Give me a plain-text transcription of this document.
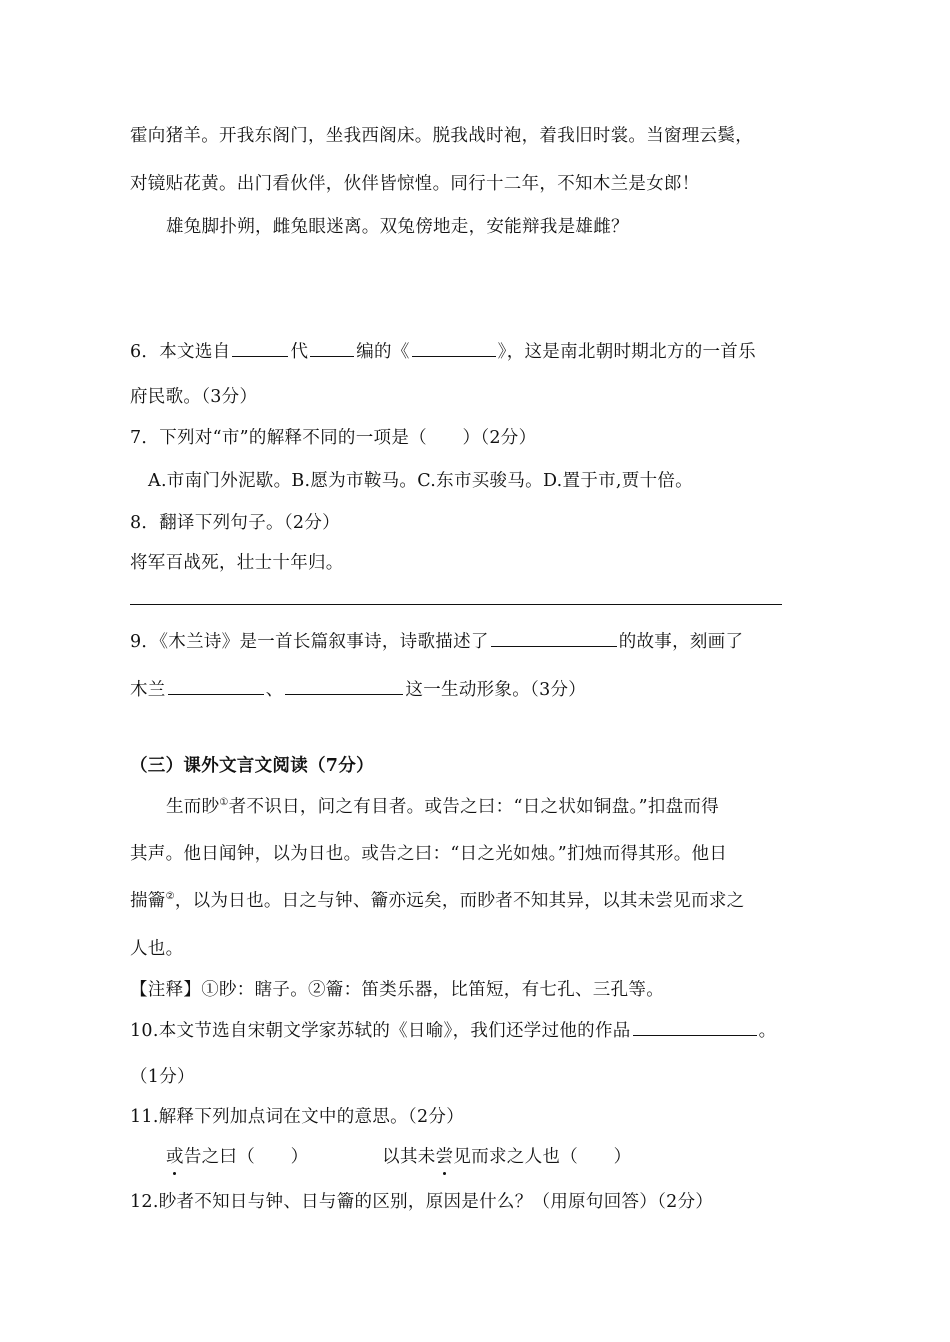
霍向猪羊。开我东阁门，坐我西阁床。脱我战时袍，着我旧时裳。当窗理云鬓，
对镜贴花黄。出门看伙伴，伙伴皆惊惶。同行十二年，不知木兰是女郎！
雄兔脚扑朔，雌兔眼迷离。双兔傍地走，安能辩我是雄雌？
6．本文选自	代	编的《	》，这是南北朝时期北方的一首乐
府民歌。（3分）
7．下列对“市”的解释不同的一项是（　　）（2分）
A.市南门外泥歇。B.愿为市鞍马。C.东市买骏马。D.置于市,贾十倍。
8．翻译下列句子。（2分）
将军百战死，壮士十年归。
9．《木兰诗》是一首长篇叙事诗，诗歌描述了	的故事，刻画了
木兰	、	这一生动形象。（3分）
（三）课外文言文阅读（7分）
生而眇①者不识日，问之有目者。或告之曰：“日之状如铜盘。”扣盘而得
其声。他日闻钟，以为日也。或告之曰：“日之光如烛。”扪烛而得其形。他日
揣籥②，以为日也。日之与钟、籥亦远矣，而眇者不知其异，以其未尝见而求之
人也。
【注释】①眇：瞎子。②籥：笛类乐器，比笛短，有七孔、三孔等。
10.本文节选自宋朝文学家苏轼的《日喻》，我们还学过他的作品	。
（1分）
11.解释下列加点词在文中的意思。（2分）
或告之曰（　　）	以其未尝见而求之人也（　　）
12.眇者不知日与钟、日与籥的区别，原因是什么？（用原句回答）（2分）
